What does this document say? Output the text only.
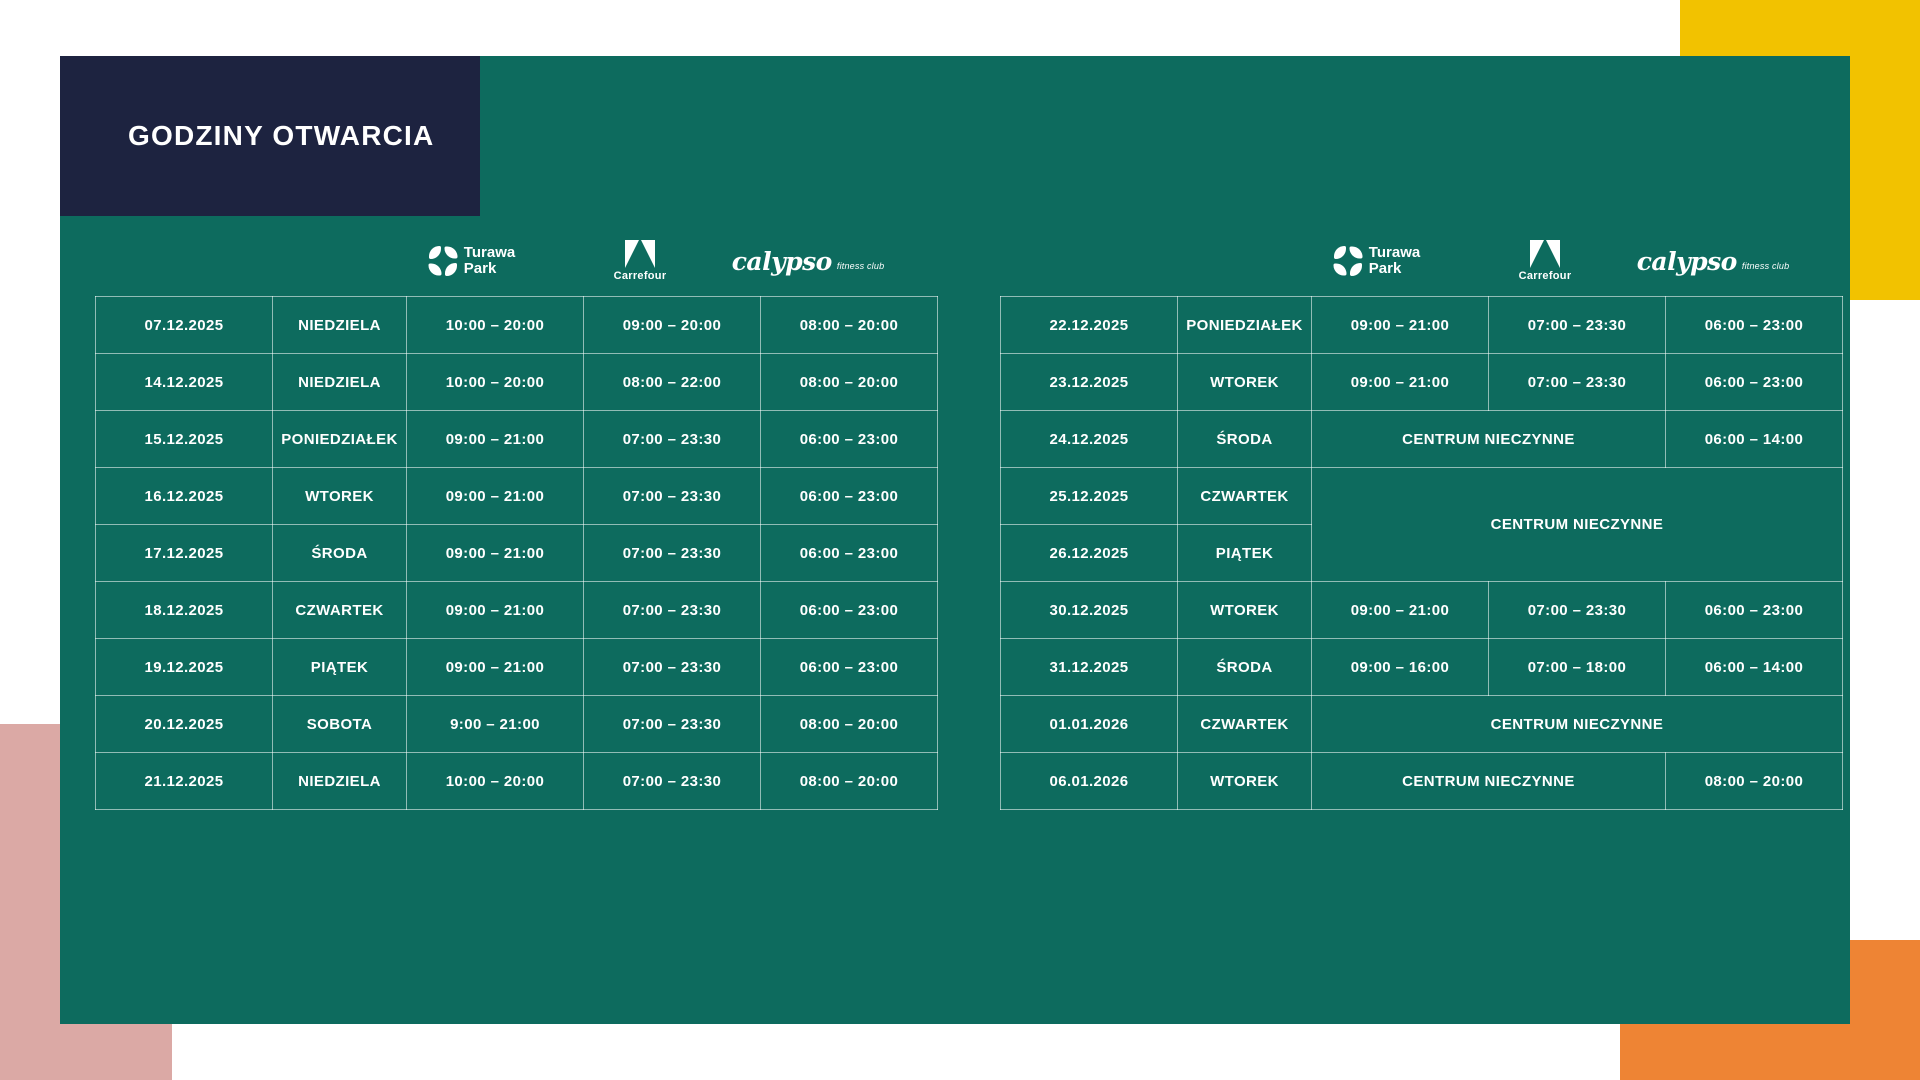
GODZINY OTWARCIA
Turawa
Park	Carrefour
calypso fitness club
07.12.2025	NIEDZIELA	10:00 – 20:00	09:00 – 20:00	08:00 – 20:00
14.12.2025	NIEDZIELA	10:00 – 20:00	08:00 – 22:00	08:00 – 20:00
15.12.2025	PONIEDZIAŁEK	09:00 – 21:00	07:00 – 23:30	06:00 – 23:00
16.12.2025	WTOREK	09:00 – 21:00	07:00 – 23:30	06:00 – 23:00
17.12.2025	ŚRODA	09:00 – 21:00	07:00 – 23:30	06:00 – 23:00
18.12.2025	CZWARTEK	09:00 – 21:00	07:00 – 23:30	06:00 – 23:00
19.12.2025	PIĄTEK	09:00 – 21:00	07:00 – 23:30	06:00 – 23:00
20.12.2025	SOBOTA	9:00 – 21:00	07:00 – 23:30	08:00 – 20:00
21.12.2025	NIEDZIELA	10:00 – 20:00	07:00 – 23:30	08:00 – 20:00
Turawa
Park	Carrefour
calypso fitness club
22.12.2025	PONIEDZIAŁEK	09:00 – 21:00	07:00 – 23:30	06:00 – 23:00
23.12.2025	WTOREK	09:00 – 21:00	07:00 – 23:30	06:00 – 23:00
24.12.2025	ŚRODA	CENTRUM NIECZYNNE		06:00 – 14:00
25.12.2025	CZWARTEK	CENTRUM NIECZYNNE		
26.12.2025	PIĄTEK			
30.12.2025	WTOREK	09:00 – 21:00	07:00 – 23:30	06:00 – 23:00
31.12.2025	ŚRODA	09:00 – 16:00	07:00 – 18:00	06:00 – 14:00
01.01.2026	CZWARTEK	CENTRUM NIECZYNNE		
06.01.2026	WTOREK	CENTRUM NIECZYNNE		08:00 – 20:00
